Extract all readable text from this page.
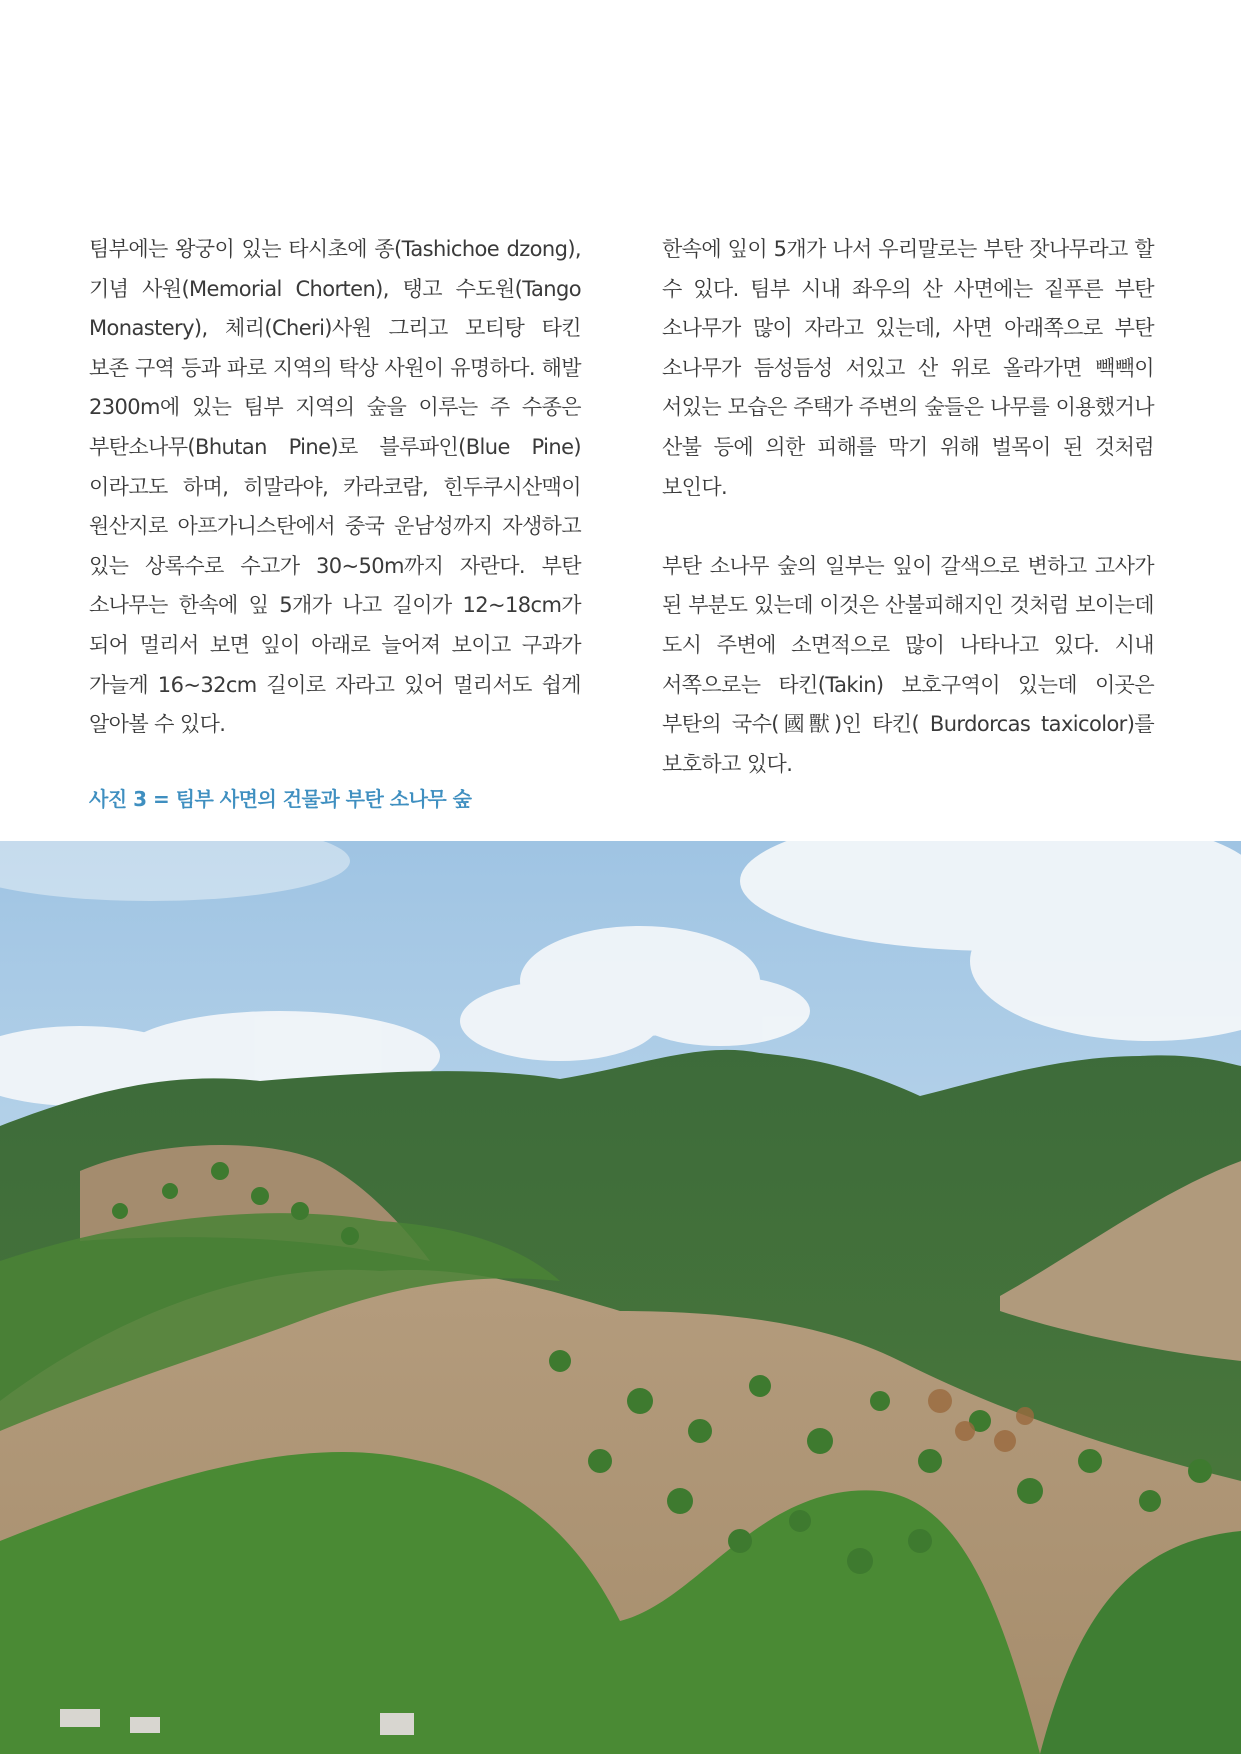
팀부에는 왕궁이 있는 타시초에 종(Tashichoe dzong), 기념 사원(Memorial Chorten), 탱고 수도원(Tango Monastery), 체리(Cheri)사원 그리고 모티탕 타킨 보존 구역 등과 파로 지역의 탁상 사원이 유명하다. 해발 2300m에 있는 팀부 지역의 숲을 이루는 주 수종은 부탄소나무(Bhutan Pine)로 블루파인(Blue Pine)이라고도 하며, 히말라야, 카라코람, 힌두쿠시산맥이 원산지로 아프가니스탄에서 중국 운남성까지 자생하고 있는 상록수로 수고가 30~50m까지 자란다. 부탄 소나무는 한속에 잎 5개가 나고 길이가 12~18cm가 되어 멀리서 보면 잎이 아래로 늘어져 보이고 구과가 가늘게 16~32cm 길이로 자라고 있어 멀리서도 쉽게 알아볼 수 있다.

한속에 잎이 5개가 나서 우리말로는 부탄 잣나무라고 할 수 있다. 팀부 시내 좌우의 산 사면에는 짙푸른 부탄 소나무가 많이 자라고 있는데, 사면 아래쪽으로 부탄 소나무가 듬성듬성 서있고 산 위로 올라가면 빽빽이 서있는 모습은 주택가 주변의 숲들은 나무를 이용했거나 산불 등에 의한 피해를 막기 위해 벌목이 된 것처럼 보인다.

부탄 소나무 숲의 일부는 잎이 갈색으로 변하고 고사가 된 부분도 있는데 이것은 산불피해지인 것처럼 보이는데 도시 주변에 소면적으로 많이 나타나고 있다. 시내 서쪽으로는 타킨(Takin) 보호구역이 있는데 이곳은 부탄의 국수(國獸)인 타킨( Burdorcas taxicolor)를 보호하고 있다.

사진 3 = 팀부 사면의 건물과 부탄 소나무 숲
